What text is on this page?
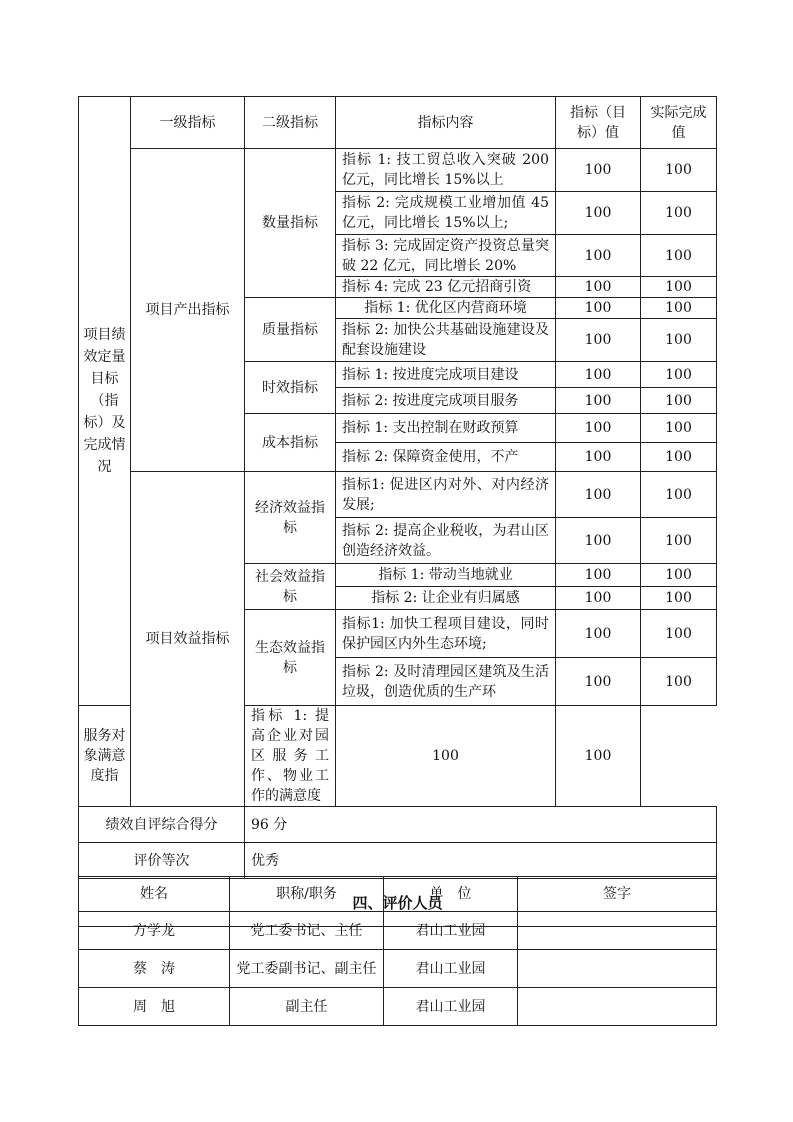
项目绩效定量目标（指标）及完成情况	一级指标	二级指标	指标内容	指标（目标）值	实际完成值
	项目产出指标	数量指标	指标 1: 技工贸总收入突破 200 亿元，同比增长 15%以上	100	100
			指标 2: 完成规模工业增加值 45 亿元，同比增长 15%以上;	100	100
			指标 3: 完成固定资产投资总量突破 22 亿元，同比增长 20%	100	100
			指标 4: 完成 23 亿元招商引资	100	100
		质量指标	指标 1: 优化区内营商环境	100	100
			指标 2: 加快公共基础设施建设及配套设施建设	100	100
		时效指标	指标 1: 按进度完成项目建设	100	100
			指标 2: 按进度完成项目服务	100	100
		成本指标	指标 1: 支出控制在财政预算	100	100
			指标 2: 保障资金使用，不产	100	100
	项目效益指标	经济效益指标	指标1: 促进区内对外、对内经济发展;	100	100
			指标 2: 提高企业税收，为君山区创造经济效益。	100	100
		社会效益指标	指标 1: 带动当地就业	100	100
			指标 2: 让企业有归属感	100	100
		生态效益指标	指标1: 加快工程项目建设，同时保护园区内外生态环境;	100	100
			指标 2: 及时清理园区建筑及生活垃圾，创造优质的生产环	100	100
服务对象满意度指		指标 1: 提高企业对园区服务工作、物业工作的满意度	100	100	
绩效自评综合得分		96 分			
评价等次		优秀			
四、评价人员					
姓名	职称/职务	单　位	签字
方学龙	党工委书记、主任	君山工业园	
蔡　涛	党工委副书记、副主任	君山工业园	
周　旭	副主任	君山工业园	
